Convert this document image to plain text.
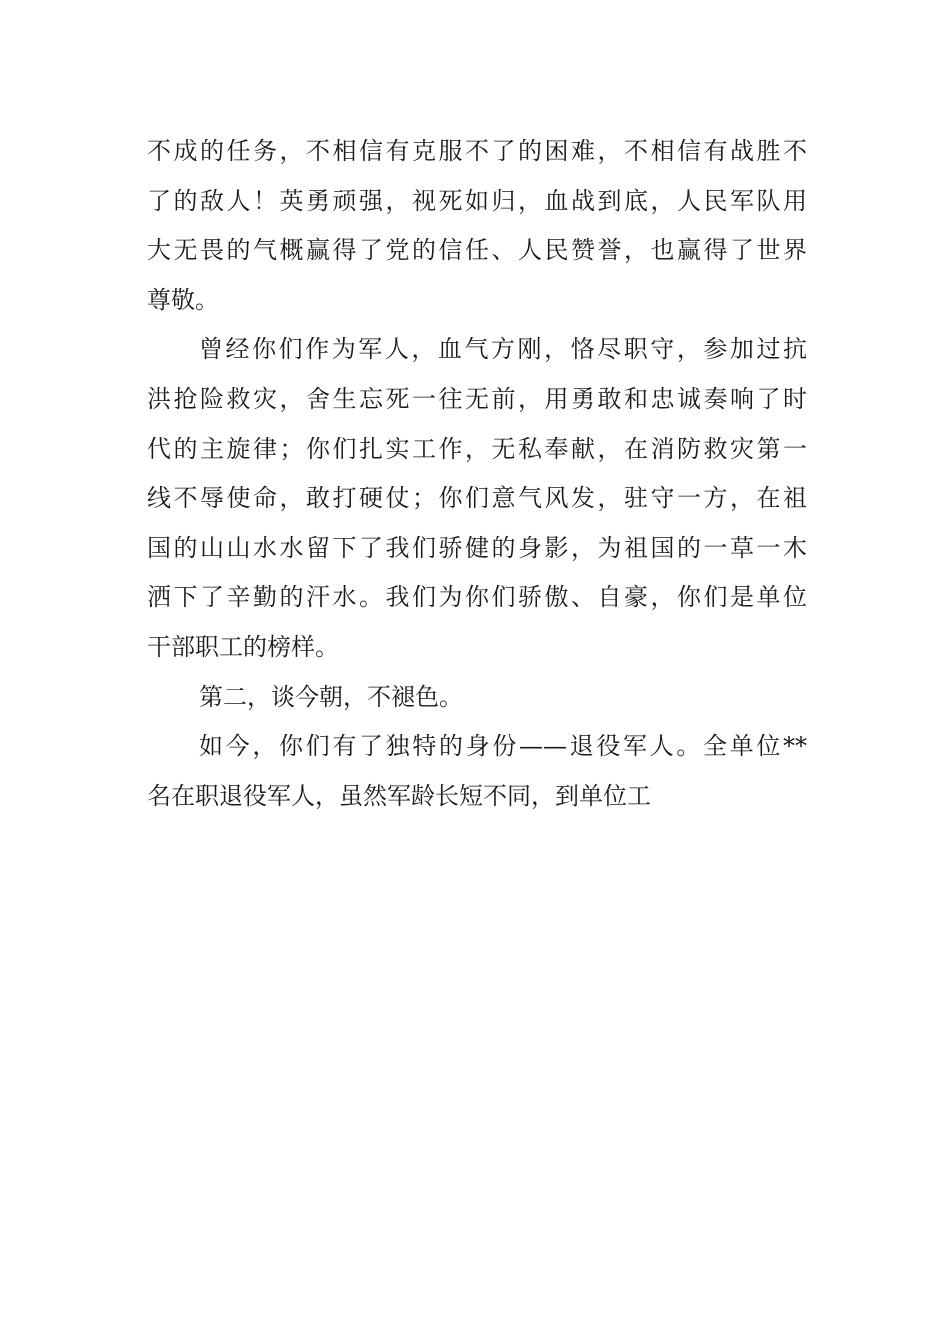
不成的任务，不相信有克服不了的困难，不相信有战胜不
了的敌人！英勇顽强，视死如归，血战到底，人民军队用
大无畏的气概赢得了党的信任、人民赞誉，也赢得了世界
尊敬。
曾经你们作为军人，血气方刚，恪尽职守，参加过抗
洪抢险救灾，舍生忘死一往无前，用勇敢和忠诚奏响了时
代的主旋律；你们扎实工作，无私奉献，在消防救灾第一
线不辱使命，敢打硬仗；你们意气风发，驻守一方，在祖
国的山山水水留下了我们骄健的身影，为祖国的一草一木
洒下了辛勤的汗水。我们为你们骄傲、自豪，你们是单位
干部职工的榜样。
第二，谈今朝，不褪色。
如今，你们有了独特的身份——退役军人。全单位**
名在职退役军人，虽然军龄长短不同，到单位工
